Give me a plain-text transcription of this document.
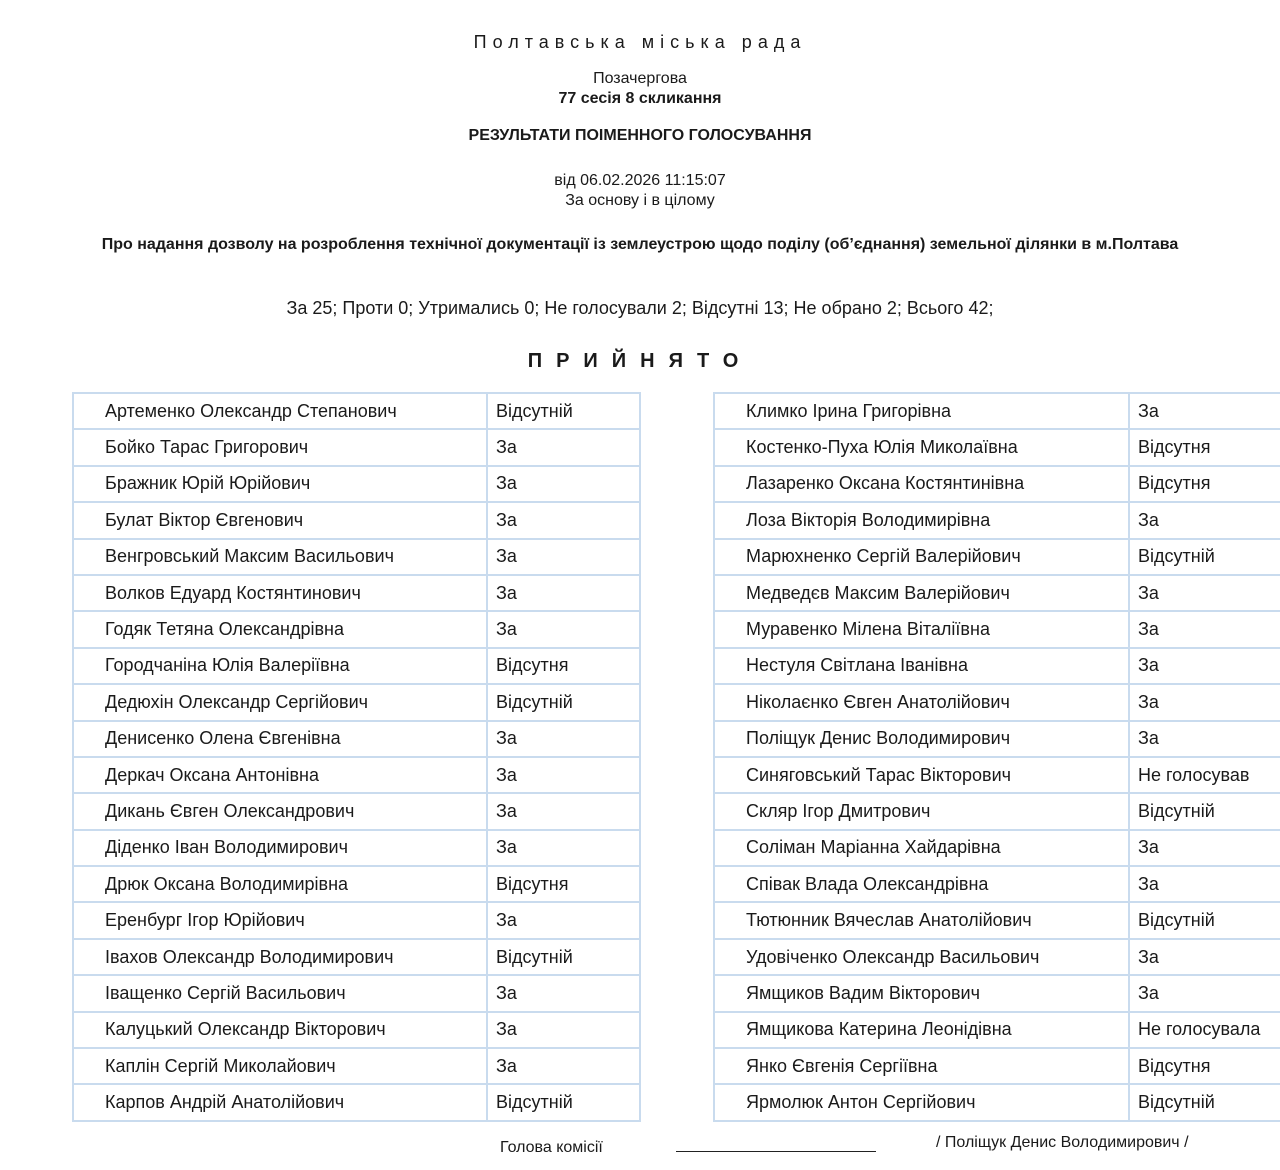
Полтавська міська рада
Позачергова
77 сесія 8 скликання
РЕЗУЛЬТАТИ ПОІМЕННОГО ГОЛОСУВАННЯ
від 06.02.2026 11:15:07
За основу і в цілому
Про надання дозволу на розроблення технічної документації із землеустрою щодо поділу (об’єднання) земельної ділянки в м.Полтава
За 25; Проти 0; Утримались 0; Не голосували 2; Відсутні 13; Не обрано 2; Всього 42;
ПРИЙНЯТО
Артеменко Олександр Степанович	Відсутній
Бойко Тарас Григорович	За
Бражник Юрій Юрійович	За
Булат Віктор Євгенович	За
Венгровський Максим Васильович	За
Волков Едуард Костянтинович	За
Годяк Тетяна Олександрівна	За
Городчаніна Юлія Валеріївна	Відсутня
Дедюхін Олександр Сергійович	Відсутній
Денисенко Олена Євгенівна	За
Деркач Оксана Антонівна	За
Дикань Євген Олександрович	За
Діденко Іван Володимирович	За
Дрюк Оксана Володимирівна	Відсутня
Еренбург Ігор Юрійович	За
Івахов Олександр Володимирович	Відсутній
Іващенко Сергій Васильович	За
Калуцький Олександр Вікторович	За
Каплін Сергій Миколайович	За
Карпов Андрій Анатолійович	Відсутній
Климко Ірина Григорівна	За
Костенко-Пуха Юлія Миколаївна	Відсутня
Лазаренко Оксана Костянтинівна	Відсутня
Лоза Вікторія Володимирівна	За
Марюхненко Сергій Валерійович	Відсутній
Медведєв Максим Валерійович	За
Муравенко Мілена Віталіївна	За
Нестуля Світлана Іванівна	За
Ніколаєнко Євген Анатолійович	За
Поліщук Денис Володимирович	За
Синяговський Тарас Вікторович	Не голосував
Скляр Ігор Дмитрович	Відсутній
Соліман Маріанна Хайдарівна	За
Співак Влада Олександрівна	За
Тютюнник Вячеслав Анатолійович	Відсутній
Удовіченко Олександр Васильович	За
Ямщиков Вадим Вікторович	За
Ямщикова Катерина Леонідівна	Не голосувала
Янко Євгенія Сергіївна	Відсутня
Ярмолюк Антон Сергійович	Відсутній
Голова комісії	/ Поліщук Денис Володимирович /
